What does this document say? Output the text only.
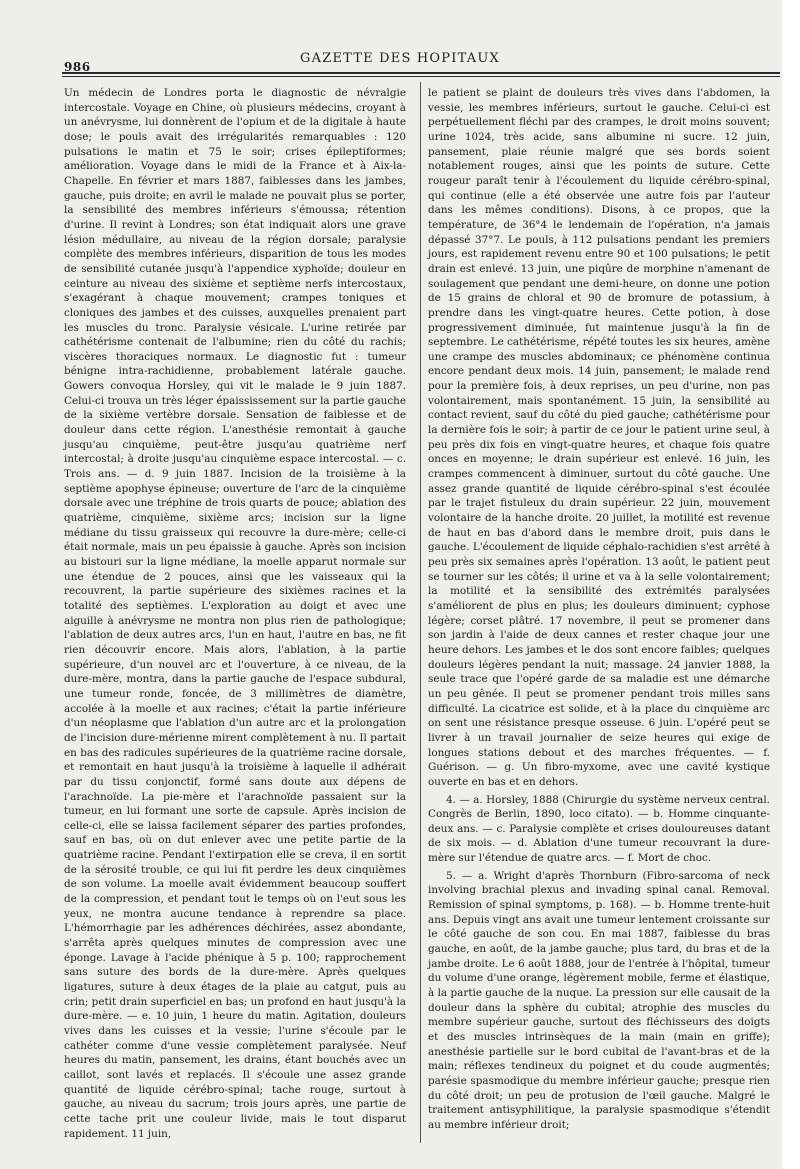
986
GAZETTE DES HOPITAUX

Un médecin de Londres porta le diagnostic de névralgie intercostale. Voyage en Chine, où plusieurs médecins, croyant à un anévrysme, lui donnèrent de l'opium et de la digitale à haute dose; le pouls avait des irrégularités remarquables : 120 pulsations le matin et 75 le soir; crises épileptiformes; amélioration. Voyage dans le midi de la France et à Aix-la-Chapelle. En février et mars 1887, faiblesses dans les jambes, gauche, puis droite; en avril le malade ne pouvait plus se porter, la sensibilité des membres inférieurs s'émoussa; rétention d'urine. Il revint à Londres; son état indiquait alors une grave lésion médullaire, au niveau de la région dorsale; paralysie complète des membres inférieurs, disparition de tous les modes de sensibilité cutanée jusqu'à l'appendice xyphoïde; douleur en ceinture au niveau des sixième et septième nerfs intercostaux, s'exagérant à chaque mouvement; crampes toniques et cloniques des jambes et des cuisses, auxquelles prenaient part les muscles du tronc. Paralysie vésicale. L'urine retirée par cathétérisme contenait de l'albumine; rien du côté du rachis; viscères thoraciques normaux. Le diagnostic fut : tumeur bénigne intra-rachidienne, probablement latérale gauche. Gowers convoqua Horsley, qui vit le malade le 9 juin 1887. Celui-ci trouva un très léger épaississement sur la partie gauche de la sixième vertèbre dorsale. Sensation de faiblesse et de douleur dans cette région. L'anesthésie remontait à gauche jusqu'au cinquième, peut-être jusqu'au quatrième nerf intercostal; à droite jusqu'au cinquième espace intercostal. — c. Trois ans. — d. 9 juin 1887. Incision de la troisième à la septième apophyse épineuse; ouverture de l'arc de la cinquième dorsale avec une tréphine de trois quarts de pouce; ablation des quatrième, cinquième, sixième arcs; incision sur la ligne médiane du tissu graisseux qui recouvre la dure-mère; celle-ci était normale, mais un peu épaissie à gauche. Après son incision au bistouri sur la ligne médiane, la moelle apparut normale sur une étendue de 2 pouces, ainsi que les vaisseaux qui la recouvrent, la partie supérieure des sixièmes racines et la totalité des septièmes. L'exploration au doigt et avec une aiguille à anévrysme ne montra non plus rien de pathologique; l'ablation de deux autres arcs, l'un en haut, l'autre en bas, ne fit rien découvrir encore. Mais alors, l'ablation, à la partie supérieure, d'un nouvel arc et l'ouverture, à ce niveau, de la dure-mère, montra, dans la partie gauche de l'espace subdural, une tumeur ronde, foncée, de 3 millimètres de diamètre, accolée à la moelle et aux racines; c'était la partie inférieure d'un néoplasme que l'ablation d'un autre arc et la prolongation de l'incision dure-mérienne mirent complètement à nu. Il partait en bas des radicules supérieures de la quatrième racine dorsale, et remontait en haut jusqu'à la troisième à laquelle il adhérait par du tissu conjonctif, formé sans doute aux dépens de l'arachnoïde. La pie-mère et l'arachnoïde passaient sur la tumeur, en lui formant une sorte de capsule. Après incision de celle-ci, elle se laissa facilement séparer des parties profondes, sauf en bas, où on dut enlever avec une petite partie de la quatrième racine. Pendant l'extirpation elle se creva, il en sortit de la sérosité trouble, ce qui lui fit perdre les deux cinquièmes de son volume. La moelle avait évidemment beaucoup souffert de la compression, et pendant tout le temps où on l'eut sous les yeux, ne montra aucune tendance à reprendre sa place. L'hémorrhagie par les adhérences déchirées, assez abondante, s'arrêta après quelques minutes de compression avec une éponge. Lavage à l'acide phénique à 5 p. 100; rapprochement sans suture des bords de la dure-mère. Après quelques ligatures, suture à deux étages de la plaie au catgut, puis au crin; petit drain superficiel en bas; un profond en haut jusqu'à la dure-mère. — e. 10 juin, 1 heure du matin. Agitation, douleurs vives dans les cuisses et la vessie; l'urine s'écoule par le cathéter comme d'une vessie complètement paralysée. Neuf heures du matin, pansement, les drains, étant bouchés avec un caillot, sont lavés et replacés. Il s'écoule une assez grande quantité de liquide cérébro-spinal; tache rouge, surtout à gauche, au niveau du sacrum; trois jours après, une partie de cette tache prit une couleur livide, mais le tout disparut rapidement. 11 juin,

le patient se plaint de douleurs très vives dans l'abdomen, la vessie, les membres inférieurs, surtout le gauche. Celui-ci est perpétuellement fléchi par des crampes, le droit moins souvent; urine 1024, très acide, sans albumine ni sucre. 12 juin, pansement, plaie réunie malgré que ses bords soient notablement rouges, ainsi que les points de suture. Cette rougeur paraît tenir à l'écoulement du liquide cérébro-spinal, qui continue (elle a été observée une autre fois par l'auteur dans les mêmes conditions). Disons, à ce propos, que la température, de 36°4 le lendemain de l'opération, n'a jamais dépassé 37°7. Le pouls, à 112 pulsations pendant les premiers jours, est rapidement revenu entre 90 et 100 pulsations; le petit drain est enlevé. 13 juin, une piqûre de morphine n'amenant de soulagement que pendant une demi-heure, on donne une potion de 15 grains de chloral et 90 de bromure de potassium, à prendre dans les vingt-quatre heures. Cette potion, à dose progressivement diminuée, fut maintenue jusqu'à la fin de septembre. Le cathétérisme, répété toutes les six heures, amène une crampe des muscles abdominaux; ce phénomène continua encore pendant deux mois. 14 juin, pansement; le malade rend pour la première fois, à deux reprises, un peu d'urine, non pas volontairement, mais spontanément. 15 juin, la sensibilité au contact revient, sauf du côté du pied gauche; cathétérisme pour la dernière fois le soir; à partir de ce jour le patient urine seul, à peu près dix fois en vingt-quatre heures, et chaque fois quatre onces en moyenne; le drain supérieur est enlevé. 16 juin, les crampes commencent à diminuer, surtout du côté gauche. Une assez grande quantité de liquide cérébro-spinal s'est écoulée par le trajet fistuleux du drain supérieur. 22 juin, mouvement volontaire de la hanche droite. 20 juillet, la motilité est revenue de haut en bas d'abord dans le membre droit, puis dans le gauche. L'écoulement de liquide céphalo-rachidien s'est arrêté à peu près six semaines après l'opération. 13 août, le patient peut se tourner sur les côtés; il urine et va à la selle volontairement; la motilité et la sensibilité des extrémités paralysées s'améliorent de plus en plus; les douleurs diminuent; cyphose légère; corset plâtré. 17 novembre, il peut se promener dans son jardin à l'aide de deux cannes et rester chaque jour une heure dehors. Les jambes et le dos sont encore faibles; quelques douleurs légères pendant la nuit; massage. 24 janvier 1888, la seule trace que l'opéré garde de sa maladie est une démarche un peu gênée. Il peut se promener pendant trois milles sans difficulté. La cicatrice est solide, et à la place du cinquième arc on sent une résistance presque osseuse. 6 juin. L'opéré peut se livrer à un travail journalier de seize heures qui exige de longues stations debout et des marches fréquentes. — f. Guérison. — g. Un fibro-myxome, avec une cavité kystique ouverte en bas et en dehors.

4. — a. Horsley, 1888 (Chirurgie du système nerveux central. Congrès de Berlin, 1890, loco citato). — b. Homme cinquante-deux ans. — c. Paralysie complète et crises douloureuses datant de six mois. — d. Ablation d'une tumeur recouvrant la dure-mère sur l'étendue de quatre arcs. — f. Mort de choc.

5. — a. Wright d'après Thornburn (Fibro-sarcoma of neck involving brachial plexus and invading spinal canal. Removal. Remission of spinal symptoms, p. 168). — b. Homme trente-huit ans. Depuis vingt ans avait une tumeur lentement croissante sur le côté gauche de son cou. En mai 1887, faiblesse du bras gauche, en août, de la jambe gauche; plus tard, du bras et de la jambe droite. Le 6 août 1888, jour de l'entrée à l'hôpital, tumeur du volume d'une orange, légèrement mobile, ferme et élastique, à la partie gauche de la nuque. La pression sur elle causait de la douleur dans la sphère du cubital; atrophie des muscles du membre supérieur gauche, surtout des fléchisseurs des doigts et des muscles intrinsèques de la main (main en griffe); anesthésie partielle sur le bord cubital de l'avant-bras et de la main; réflexes tendineux du poignet et du coude augmentés; parésie spasmodique du membre inférieur gauche; presque rien du côté droit; un peu de protusion de l'œil gauche. Malgré le traitement antisyphilitique, la paralysie spasmodique s'étendit au membre inférieur droit;
